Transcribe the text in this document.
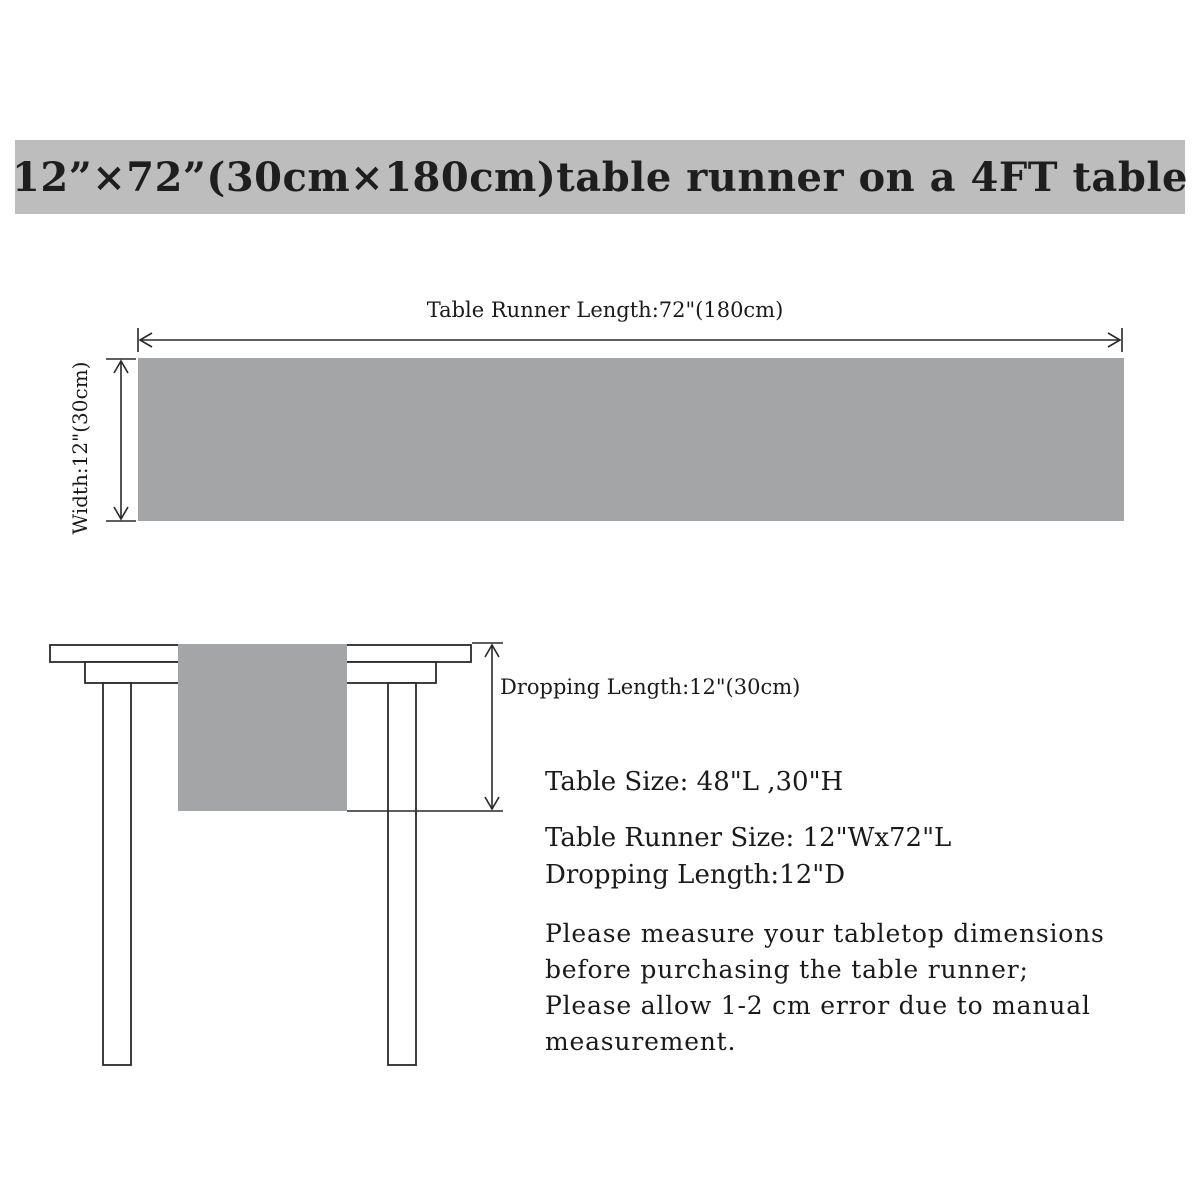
12”×72”(30cm×180cm)table runner on a 4FT table
Table Runner Length:72"(180cm)
Width:12"(30cm)
Dropping Length:12"(30cm)
Table Size: 48"L ,30"H
Table Runner Size: 12"Wx72"L
Dropping Length:12"D
Please measure your tabletop dimensions
before purchasing the table runner;
Please allow 1-2 cm error due to manual
measurement.
